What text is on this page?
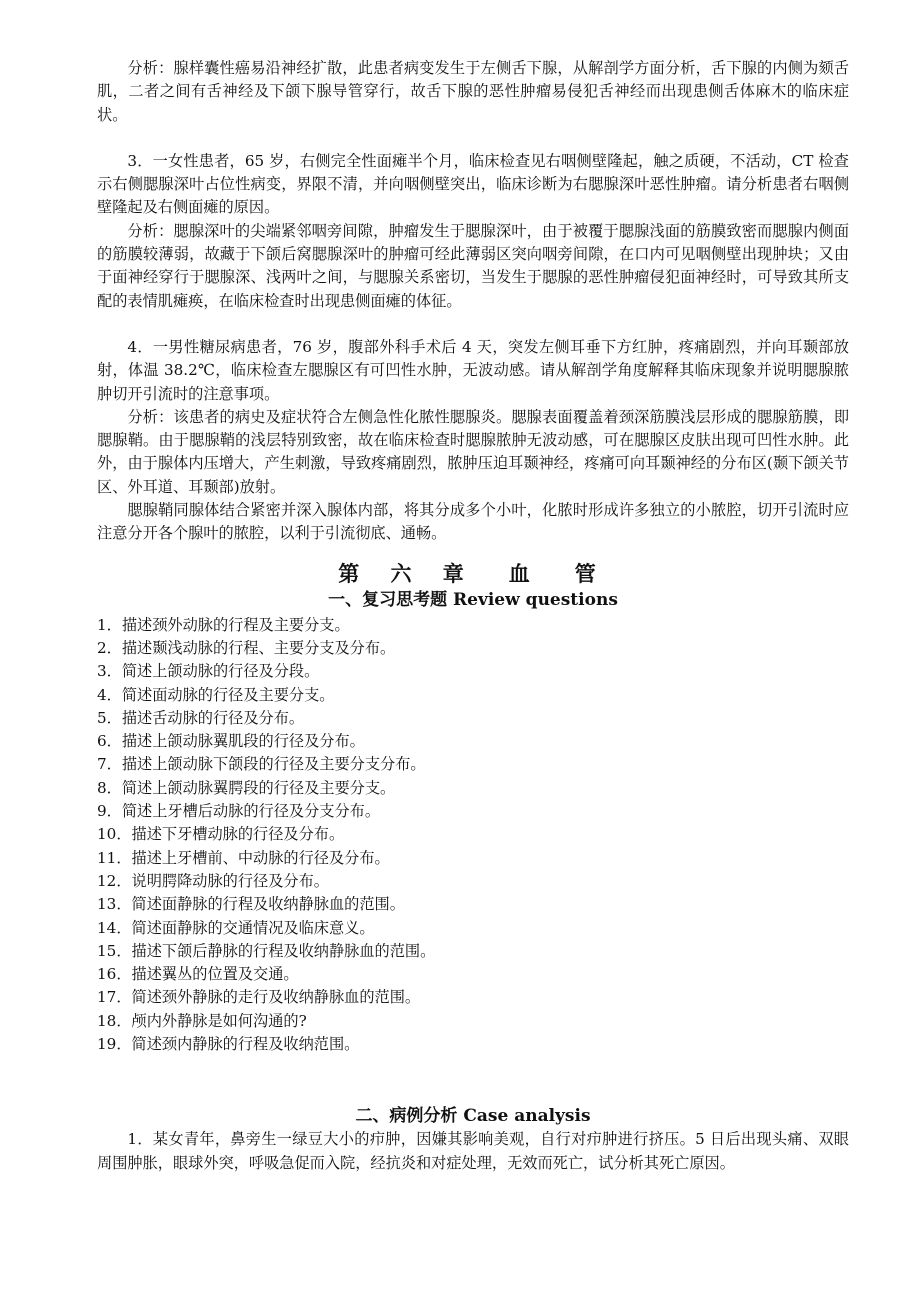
分析：腺样囊性癌易沿神经扩散，此患者病变发生于左侧舌下腺，从解剖学方面分析，舌下腺的内侧为颏舌肌，二者之间有舌神经及下颌下腺导管穿行，故舌下腺的恶性肿瘤易侵犯舌神经而出现患侧舌体麻木的临床症状。

3．一女性患者，65 岁，右侧完全性面瘫半个月，临床检查见右咽侧壁隆起，触之质硬，不活动，CT 检查示右侧腮腺深叶占位性病变，界限不清，并向咽侧壁突出，临床诊断为右腮腺深叶恶性肿瘤。请分析患者右咽侧壁隆起及右侧面瘫的原因。

分析：腮腺深叶的尖端紧邻咽旁间隙，肿瘤发生于腮腺深叶，由于被覆于腮腺浅面的筋膜致密而腮腺内侧面的筋膜较薄弱，故藏于下颌后窝腮腺深叶的肿瘤可经此薄弱区突向咽旁间隙，在口内可见咽侧壁出现肿块；又由于面神经穿行于腮腺深、浅两叶之间，与腮腺关系密切，当发生于腮腺的恶性肿瘤侵犯面神经时，可导致其所支配的表情肌瘫痪，在临床检查时出现患侧面瘫的体征。

4．一男性糖尿病患者，76 岁，腹部外科手术后 4 天，突发左侧耳垂下方红肿，疼痛剧烈，并向耳颞部放射，体温 38.2℃，临床检查左腮腺区有可凹性水肿，无波动感。请从解剖学角度解释其临床现象并说明腮腺脓肿切开引流时的注意事项。

分析：该患者的病史及症状符合左侧急性化脓性腮腺炎。腮腺表面覆盖着颈深筋膜浅层形成的腮腺筋膜，即腮腺鞘。由于腮腺鞘的浅层特别致密，故在临床检查时腮腺脓肿无波动感，可在腮腺区皮肤出现可凹性水肿。此外，由于腺体内压增大，产生刺激，导致疼痛剧烈，脓肿压迫耳颞神经，疼痛可向耳颞神经的分布区(颞下颌关节区、外耳道、耳颞部)放射。

腮腺鞘同腺体结合紧密并深入腺体内部，将其分成多个小叶，化脓时形成许多独立的小脓腔，切开引流时应注意分开各个腺叶的脓腔，以利于引流彻底、通畅。

第 六 章　血　管
一、复习思考题 Review questions
1．描述颈外动脉的行程及主要分支。
2．描述颞浅动脉的行程、主要分支及分布。
3．简述上颌动脉的行径及分段。
4．简述面动脉的行径及主要分支。
5．描述舌动脉的行径及分布。
6．描述上颌动脉翼肌段的行径及分布。
7．描述上颌动脉下颌段的行径及主要分支分布。
8．简述上颌动脉翼腭段的行径及主要分支。
9．简述上牙槽后动脉的行径及分支分布。
10．描述下牙槽动脉的行径及分布。
11．描述上牙槽前、中动脉的行径及分布。
12．说明腭降动脉的行径及分布。
13．简述面静脉的行程及收纳静脉血的范围。
14．简述面静脉的交通情况及临床意义。
15．描述下颌后静脉的行程及收纳静脉血的范围。
16．描述翼丛的位置及交通。
17．简述颈外静脉的走行及收纳静脉血的范围。
18．颅内外静脉是如何沟通的?
19．简述颈内静脉的行程及收纳范围。
二、病例分析 Case analysis

1．某女青年，鼻旁生一绿豆大小的疖肿，因嫌其影响美观，自行对疖肿进行挤压。5 日后出现头痛、双眼周围肿胀，眼球外突，呼吸急促而入院，经抗炎和对症处理，无效而死亡，试分析其死亡原因。
